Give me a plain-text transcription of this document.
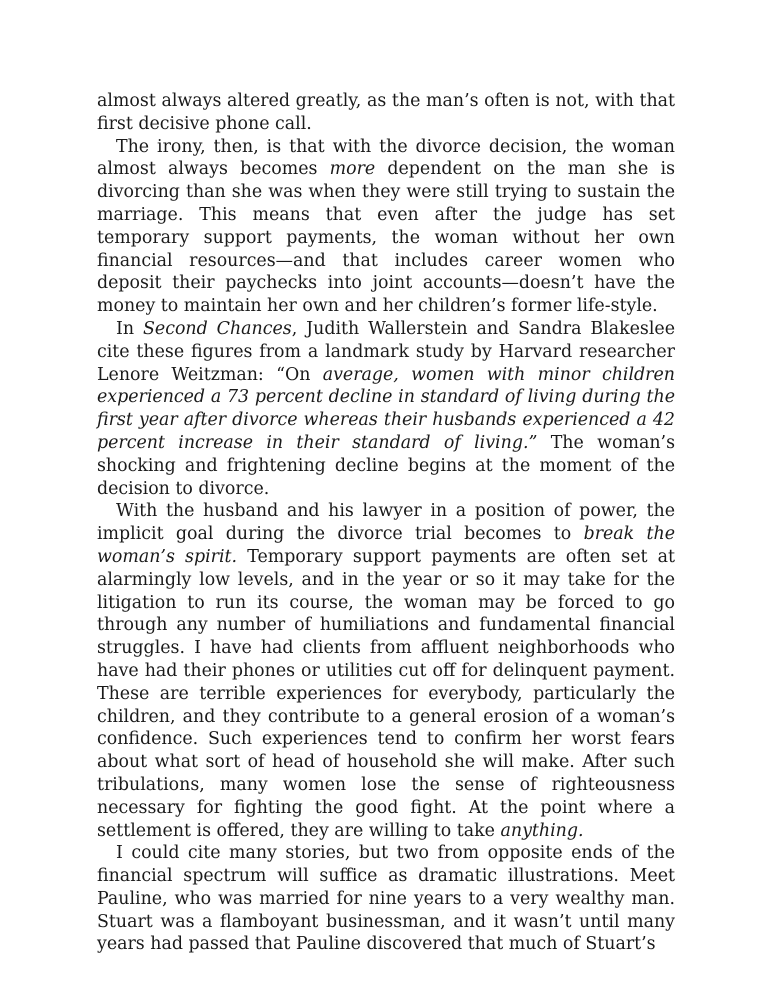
almost always altered greatly, as the man’s often is not, with that first decisive phone call.

The irony, then, is that with the divorce decision, the woman almost always becomes more dependent on the man she is divorcing than she was when they were still trying to sustain the marriage. This means that even after the judge has set temporary support payments, the woman without her own financial resources—and that includes career women who deposit their paychecks into joint accounts—doesn’t have the money to maintain her own and her children’s former life-style.

In Second Chances, Judith Wallerstein and Sandra Blakeslee cite these figures from a landmark study by Harvard researcher Lenore Weitzman: “On average, women with minor children experienced a 73 percent decline in standard of living during the first year after divorce whereas their husbands experienced a 42 percent increase in their standard of living.” The woman’s shocking and frightening decline begins at the moment of the decision to divorce.

With the husband and his lawyer in a position of power, the implicit goal during the divorce trial becomes to break the woman’s spirit. Temporary support payments are often set at alarmingly low levels, and in the year or so it may take for the litigation to run its course, the woman may be forced to go through any number of humiliations and fundamental financial struggles. I have had clients from affluent neighborhoods who have had their phones or utilities cut off for delinquent payment. These are terrible experiences for everybody, particularly the children, and they contribute to a general erosion of a woman’s confidence. Such experiences tend to confirm her worst fears about what sort of head of household she will make. After such tribulations, many women lose the sense of righteousness necessary for fighting the good fight. At the point where a settlement is offered, they are willing to take anything.

I could cite many stories, but two from opposite ends of the financial spectrum will suffice as dramatic illustrations. Meet Pauline, who was married for nine years to a very wealthy man. Stuart was a flamboyant businessman, and it wasn’t until many years had passed that Pauline discovered that much of Stuart’s
